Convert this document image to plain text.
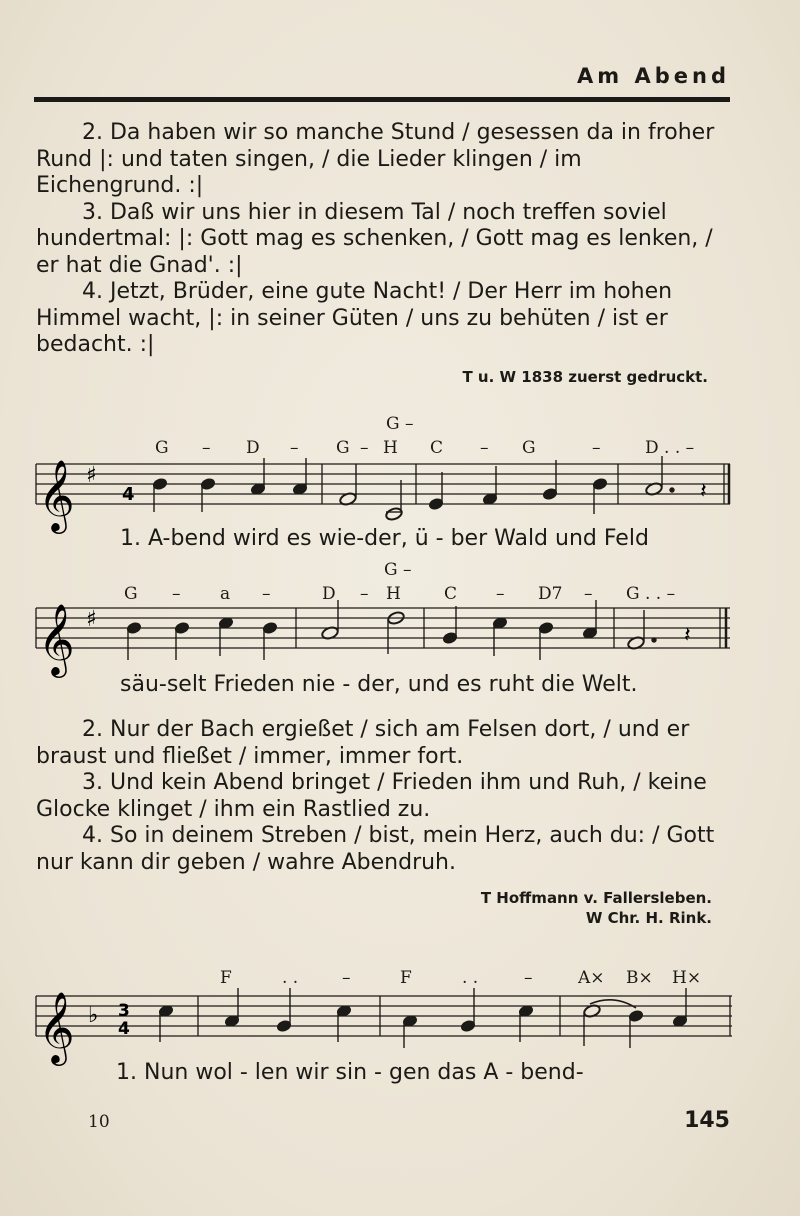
Am Abend

2. Da haben wir so manche Stund / gesessen da in froher Rund |: und taten singen, / die Lieder klingen / im Eichengrund. :|

3. Daß wir uns hier in diesem Tal / noch treffen soviel hundertmal: |: Gott mag es schenken, / Gott mag es lenken, / er hat die Gnad'. :|

4. Jetzt, Brüder, eine gute Nacht! / Der Herr im hohen Himmel wacht, |: in seiner Güten / uns zu behüten / ist er bedacht. :|

T u. W 1838 zuerst gedruckt.
G –
G – D – G – H C – G	–	D . . –
𝄞 ♯
4	𝄽
1. A-bend wird es wie-der, ü - ber Wald und Feld
G –
G – a –	D – H	C – D7 – G . . –
𝄞 ♯
𝄽
säu-selt Frieden nie - der, und es ruht die Welt.

2. Nur der Bach ergießet / sich am Felsen dort, / und er braust und fließet / immer, immer fort.

3. Und kein Abend bringet / Frieden ihm und Ruh, / keine Glocke klinget / ihm ein Rastlied zu.

4. So in deinem Streben / bist, mein Herz, auch du: / Gott nur kann dir geben / wahre Abendruh.

T Hoffmann v. Fallersleben.
W Chr. H. Rink.
F	. .	–	F	. .	–	A× B× H×
𝄞 ♭ 3
4
1. Nun wol - len wir sin - gen das A - bend-
10	145
